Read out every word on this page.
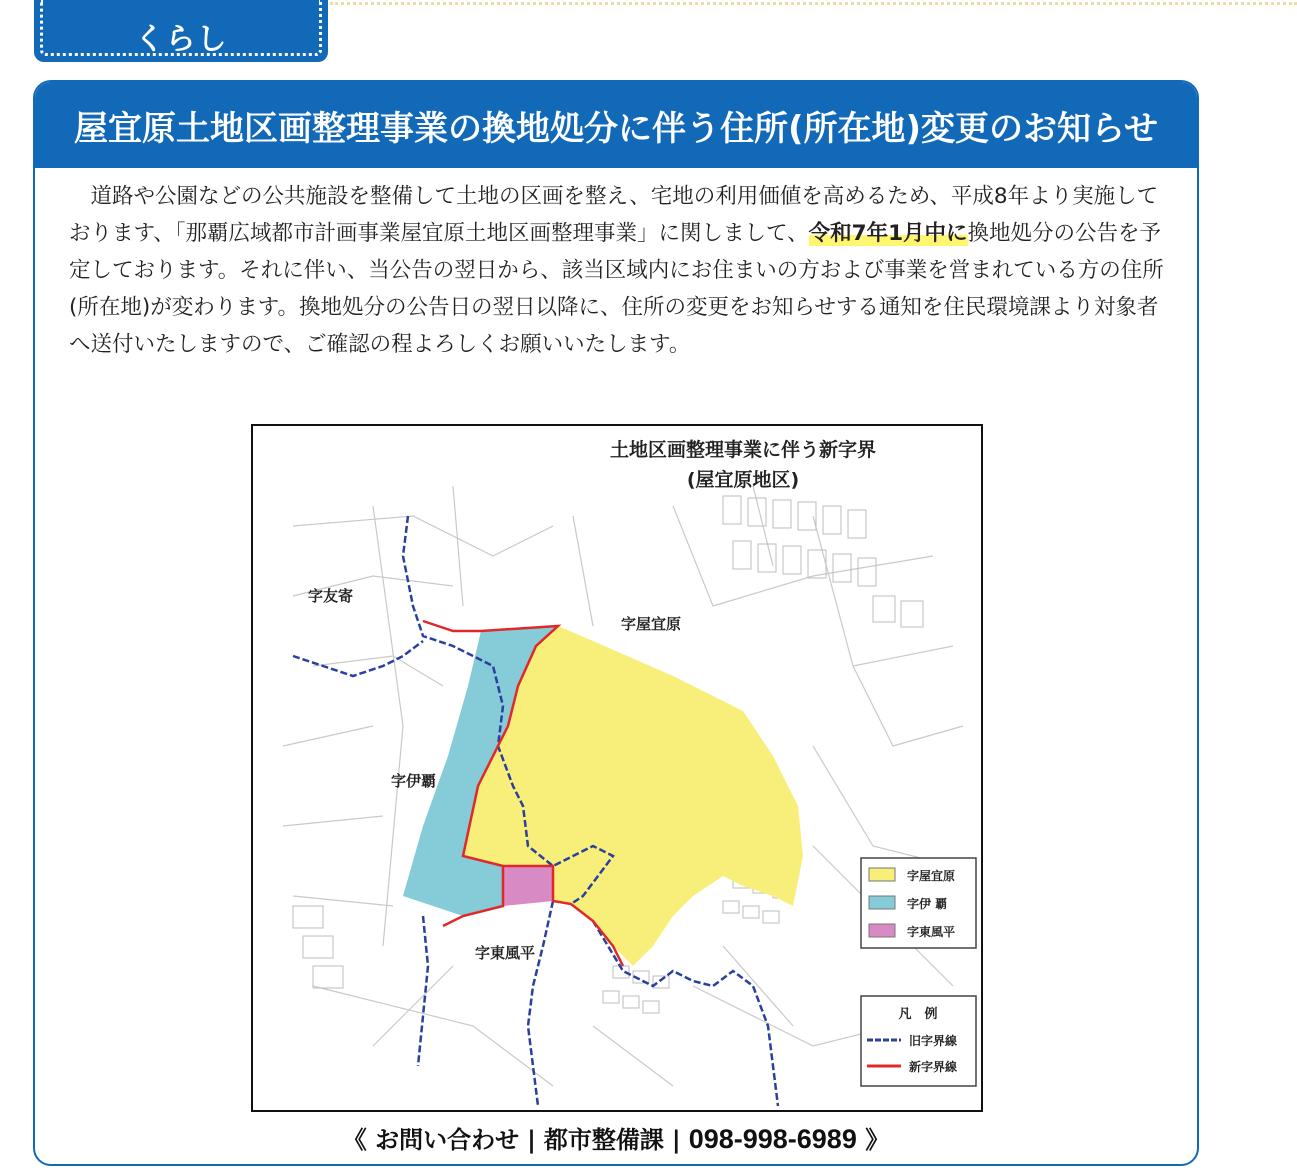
くらし
屋宜原土地区画整理事業の換地処分に伴う住所(所在地)変更のお知らせ

道路や公園などの公共施設を整備して土地の区画を整え、宅地の利用価値を高めるため、平成8年より実施しております、「那覇広域都市計画事業屋宜原土地区画整理事業」に関しまして、令和7年1月中に換地処分の公告を予定しております。それに伴い、当公告の翌日から、該当区域内にお住まいの方および事業を営まれている方の住所(所在地)が変わります。換地処分の公告日の翌日以降に、住所の変更をお知らせする通知を住民環境課より対象者へ送付いたしますので、ご確認の程よろしくお願いいたします。

土地区画整理事業に伴う新字界
(屋宜原地区)
字友寄
字屋宜原
字伊覇
字東風平
字屋宜原
字伊 覇
字東風平
凡　例
旧字界線
新字界線
《 お問い合わせ | 都市整備課 | 098-998-6989 》
